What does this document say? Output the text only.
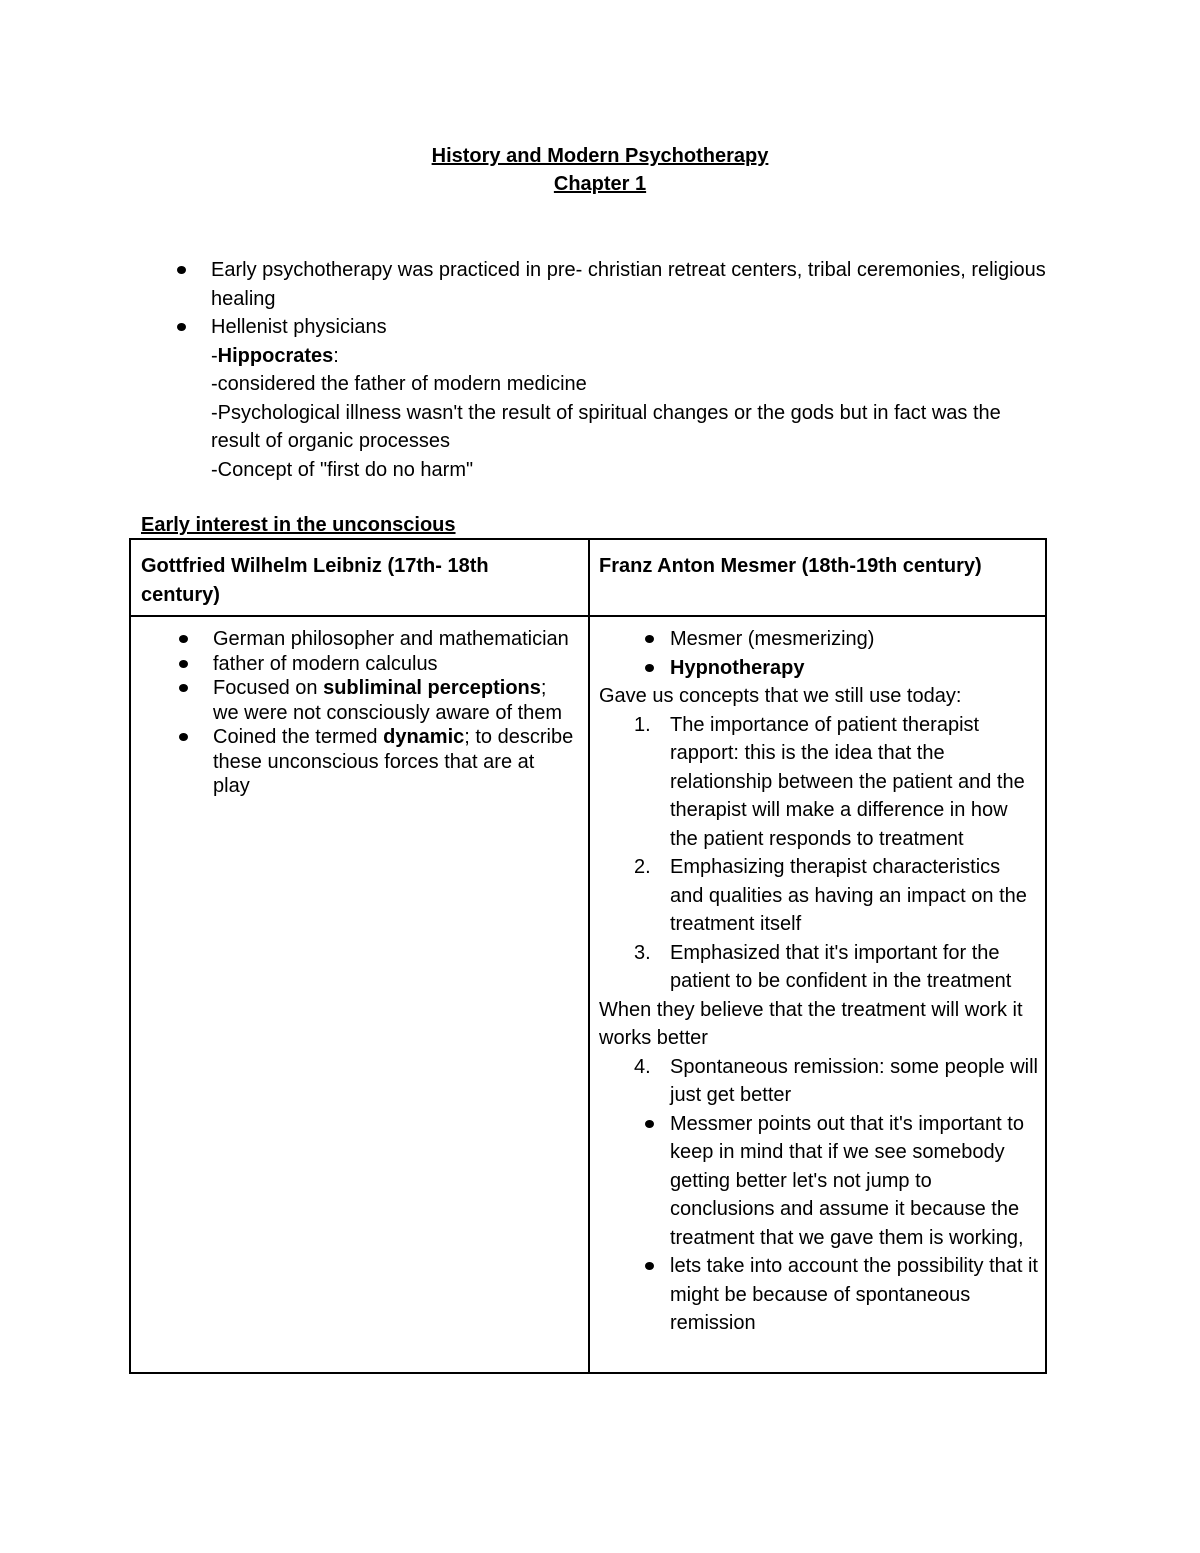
History and Modern Psychotherapy
Chapter 1
Early psychotherapy was practiced in pre- christian retreat centers, tribal ceremonies, religious healing
Hellenist physicians
-Hippocrates:
-considered the father of modern medicine
-Psychological illness wasn't the result of spiritual changes or the gods but in fact was the result of organic processes
-Concept of "first do no harm"
Early interest in the unconscious
Gottfried Wilhelm Leibniz (17th- 18th century)
Franz Anton Mesmer (18th-19th century)
German philosopher and mathematician
father of modern calculus
Focused on subliminal perceptions; we were not consciously aware of them
Coined the termed dynamic; to describe these unconscious forces that are at play
Mesmer (mesmerizing)
Hypnotherapy
Gave us concepts that we still use today:
1. The importance of patient therapist rapport: this is the idea that the relationship between the patient and the therapist will make a difference in how the patient responds to treatment
2. Emphasizing therapist characteristics and qualities as having an impact on the treatment itself
3. Emphasized that it's important for the patient to be confident in the treatment
When they believe that the treatment will work it works better
4. Spontaneous remission: some people will just get better
Messmer points out that it's important to keep in mind that if we see somebody getting better let's not jump to conclusions and assume it because the treatment that we gave them is working,
lets take into account the possibility that it might be because of spontaneous remission
